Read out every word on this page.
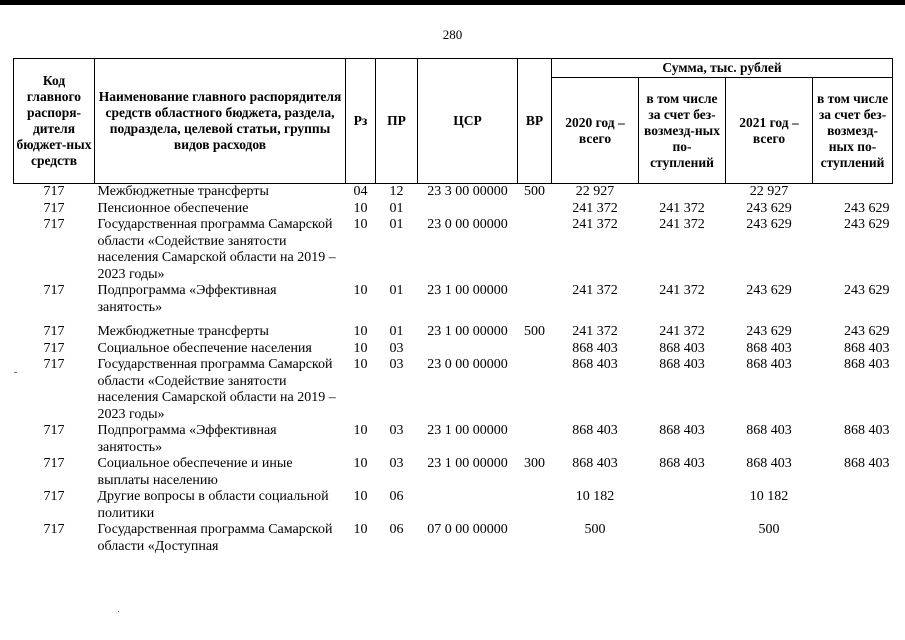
280
Код главного распоря-дителя бюджет-ных средств	Наименование главного распорядителя средств областного бюджета, раздела, подраздела, целевой статьи, группы видов расходов	Рз	ПР	ЦСР	ВР	Сумма, тыс. рублей			
						2020 год – всего	в том числе за счет без-возмезд-ных по-ступлений	2021 год – всего	в том числе за счет без-возмезд-ных по-ступлений
717	Межбюджетные трансферты	04	12	23 3 00 00000	500	22 927		22 927	
717	Пенсионное обеспечение	10	01			241 372	241 372	243 629	243 629
717	Государственная программа Самарской области «Содействие занятости населения Самарской области на 2019 – 2023 годы»	10	01	23 0 00 00000		241 372	241 372	243 629	243 629
717	Подпрограмма «Эффективная занятость»	10	01	23 1 00 00000		241 372	241 372	243 629	243 629
717	Межбюджетные трансферты	10	01	23 1 00 00000	500	241 372	241 372	243 629	243 629
717	Социальное обеспечение населения	10	03			868 403	868 403	868 403	868 403
717	Государственная программа Самарской области «Содействие занятости населения Самарской области на 2019 – 2023 годы»	10	03	23 0 00 00000		868 403	868 403	868 403	868 403
717	Подпрограмма «Эффективная занятость»	10	03	23 1 00 00000		868 403	868 403	868 403	868 403
717	Социальное обеспечение и иные выплаты населению	10	03	23 1 00 00000	300	868 403	868 403	868 403	868 403
717	Другие вопросы в области социальной политики	10	06			10 182		10 182	
717	Государственная программа Самарской области «Доступная	10	06	07 0 00 00000		500		500	
